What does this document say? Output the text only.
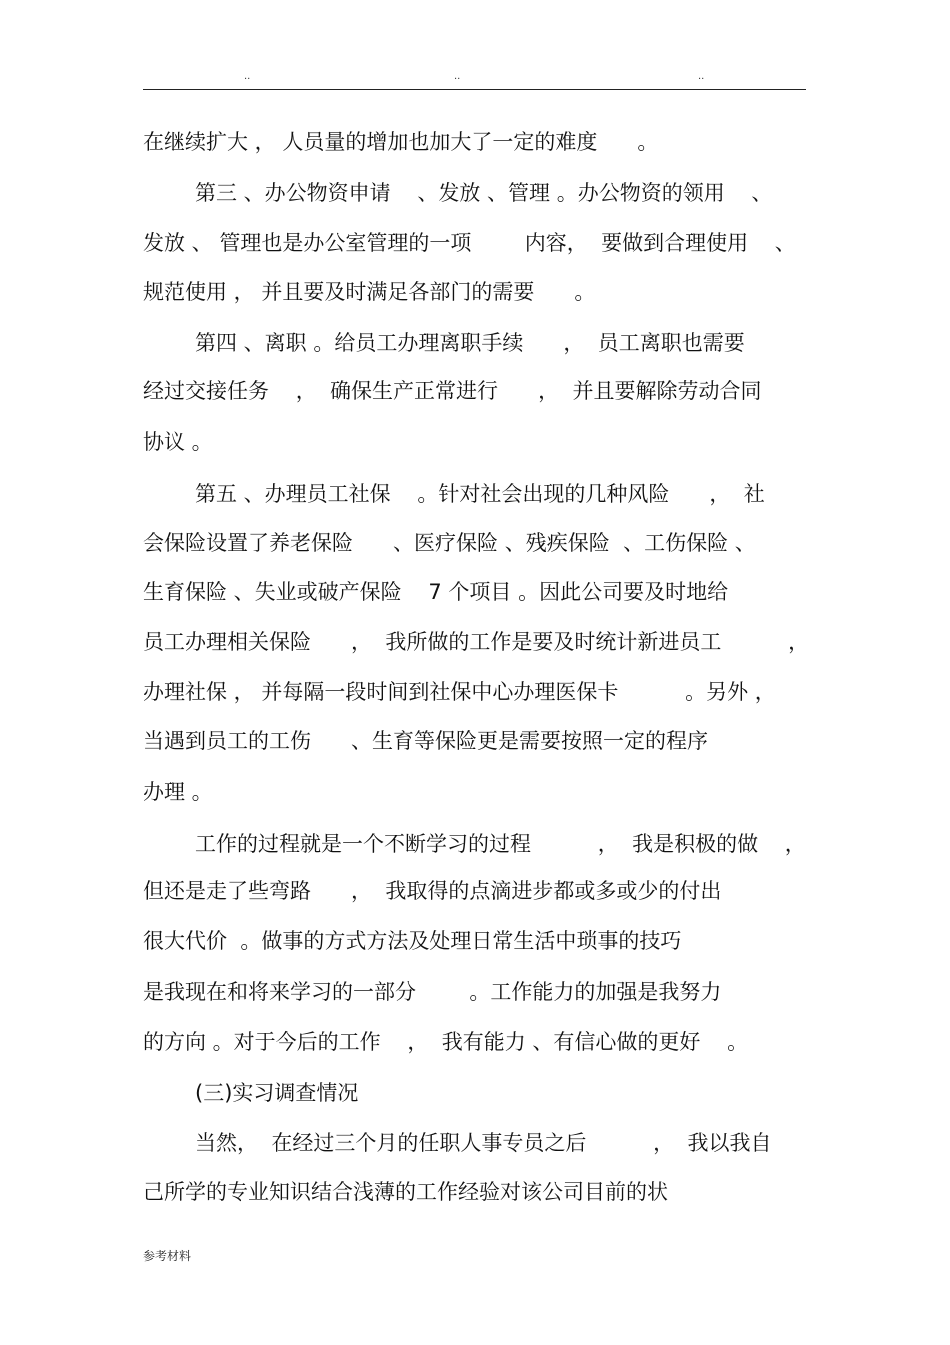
..	..	..
在继续扩大 ， 人员量的增加也加大了一定的难度      。
第三 、办公物资申请    、发放 、管理 。办公物资的领用    、
发放 、 管理也是办公室管理的一项        内容，  要做到合理使用    、
规范使用 ， 并且要及时满足各部门的需要      。
第四 、离职 。给员工办理离职手续      ，  员工离职也需要
经过交接任务    ，  确保生产正常进行      ，  并且要解除劳动合同
协议 。
第五 、办理员工社保    。针对社会出现的几种风险      ，  社
会保险设置了养老保险      、医疗保险 、残疾保险  、工伤保险 、
生育保险 、失业或破产保险    7 个项目 。因此公司要及时地给
员工办理相关保险      ，  我所做的工作是要及时统计新进员工          ，
办理社保 ， 并每隔一段时间到社保中心办理医保卡          。另外 ，
当遇到员工的工伤      、生育等保险更是需要按照一定的程序
办理 。
工作的过程就是一个不断学习的过程          ，  我是积极的做    ，
但还是走了些弯路      ，  我取得的点滴进步都或多或少的付出
很大代价  。做事的方式方法及处理日常生活中琐事的技巧
是我现在和将来学习的一部分        。工作能力的加强是我努力
的方向 。对于今后的工作    ，  我有能力 、有信心做的更好    。
(三)实习调查情况
当然，  在经过三个月的任职人事专员之后          ，  我以我自
己所学的专业知识结合浅薄的工作经验对该公司目前的状
参考材料
